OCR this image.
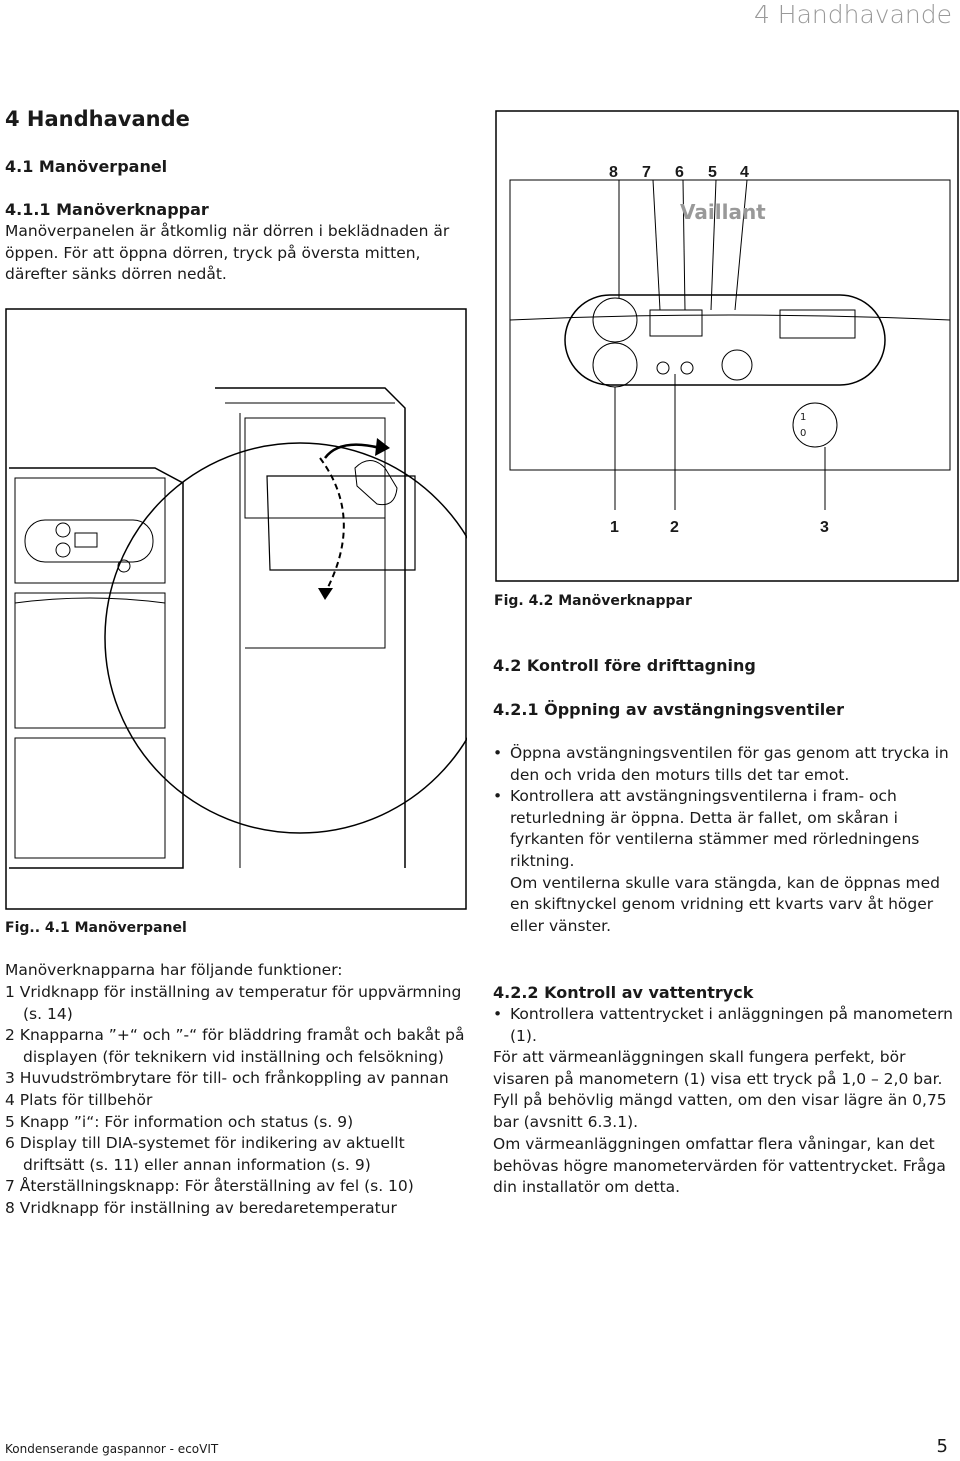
4 Handhavande
4 Handhavande
4.1 Manöverpanel
4.1.1 Manöverknappar

Manöverpanelen är åtkomlig när dörren i beklädnaden är öppen. För att öppna dörren, tryck på översta mitten, därefter sänks dörren nedåt.

Fig.. 4.1 Manöverpanel
8 7 6 5 4
Vaillant
1
0
1	2	3
Fig. 4.2 Manöverknappar
Manöverknapparna har följande funktioner:
1 Vridknapp för inställning av temperatur för uppvärmning (s. 14)
2 Knapparna ”+“ och ”-“ för bläddring framåt och bakåt på displayen (för teknikern vid inställning och felsökning)
3 Huvudströmbrytare för till- och frånkoppling av pannan
4 Plats för tillbehör
5 Knapp ”i“: För information och status (s. 9)
6 Display till DIA-systemet för indikering av aktuellt driftsätt (s. 11) eller annan information (s. 9)
7 Återställningsknapp: För återställning av fel (s. 10)
8 Vridknapp för inställning av beredaretemperatur
4.2 Kontroll före drifttagning
4.2.1 Öppning av avstängningsventiler
• Öppna avstängningsventilen för gas genom att trycka in den och vrida den moturs tills det tar emot.
• Kontrollera att avstängningsventilerna i fram- och returledning är öppna. Detta är fallet, om skåran i fyrkanten för ventilerna stämmer med rörledningens riktning.
Om ventilerna skulle vara stängda, kan de öppnas med en skiftnyckel genom vridning ett kvarts varv åt höger eller vänster.
4.2.2 Kontroll av vattentryck
• Kontrollera vattentrycket i anläggningen på manometern (1).

För att värmeanläggningen skall fungera perfekt, bör visaren på manometern (1) visa ett tryck på 1,0 – 2,0 bar. Fyll på behövlig mängd vatten, om den visar lägre än 0,75 bar (avsnitt 6.3.1).

Om värmeanläggningen omfattar flera våningar, kan det behövas högre manometervärden för vattentrycket. Fråga din installatör om detta.

Kondenserande gaspannor - ecoVIT	5
